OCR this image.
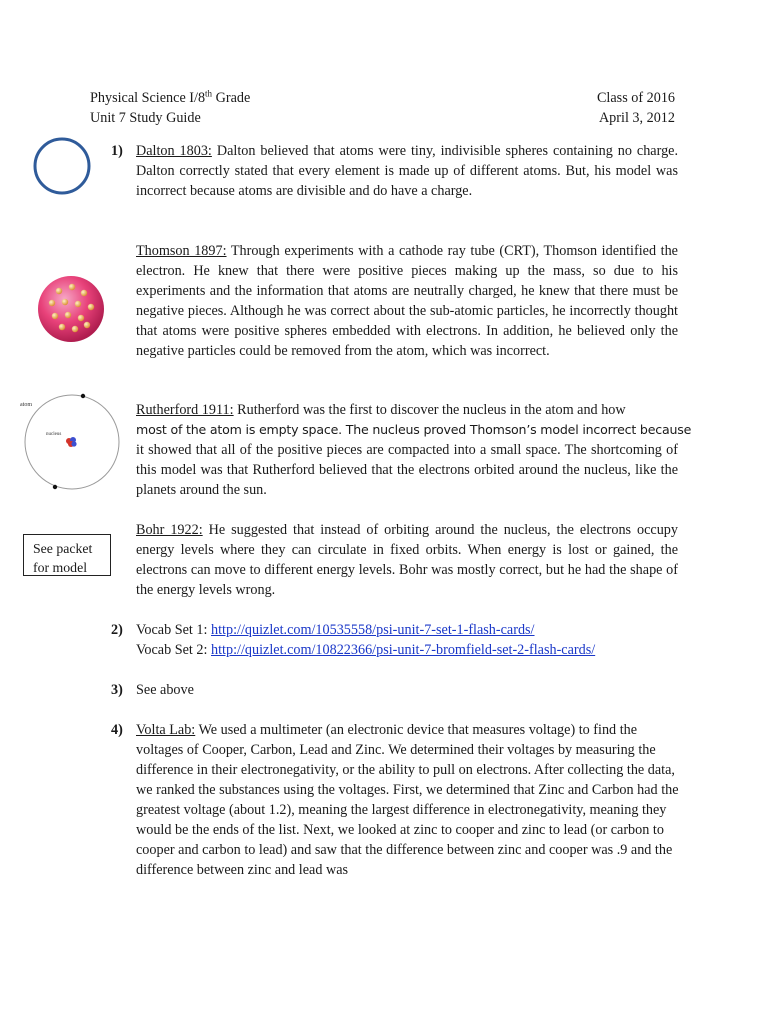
Physical Science I/8th Grade
Unit 7 Study Guide
Class of 2016
April 3, 2012
atom
nucleus
See packet
for model
1) Dalton 1803: Dalton believed that atoms were tiny, indivisible spheres containing no charge. Dalton correctly stated that every element is made up of different atoms. But, his model was incorrect because atoms are divisible and do have a charge.
Thomson 1897: Through experiments with a cathode ray tube (CRT), Thomson identified the electron. He knew that there were positive pieces making up the mass, so due to his experiments and the information that atoms are neutrally charged, he knew that there must be negative pieces. Although he was correct about the sub-atomic particles, he incorrectly thought that atoms were positive spheres embedded with electrons. In addition, he believed only the negative particles could be removed from the atom, which was incorrect.
Rutherford 1911: Rutherford was the first to discover the nucleus in the atom and how
most of the atom is empty space. The nucleus proved Thomson’s model incorrect because
it showed that all of the positive pieces are compacted into a small space. The shortcoming of this model was that Rutherford believed that the electrons orbited around the nucleus, like the planets around the sun.
Bohr 1922: He suggested that instead of orbiting around the nucleus, the electrons occupy energy levels where they can circulate in fixed orbits. When energy is lost or gained, the electrons can move to different energy levels. Bohr was mostly correct, but he had the shape of the energy levels wrong.
2) Vocab Set 1: http://quizlet.com/10535558/psi-unit-7-set-1-flash-cards/
Vocab Set 2: http://quizlet.com/10822366/psi-unit-7-bromfield-set-2-flash-cards/
3) See above
4) Volta Lab: We used a multimeter (an electronic device that measures voltage) to find the voltages of Cooper, Carbon, Lead and Zinc. We determined their voltages by measuring the difference in their electronegativity, or the ability to pull on electrons. After collecting the data, we ranked the substances using the voltages. First, we determined that Zinc and Carbon had the greatest voltage (about 1.2), meaning the largest difference in electronegativity, meaning they would be the ends of the list. Next, we looked at zinc to cooper and zinc to lead (or carbon to cooper and carbon to lead) and saw that the difference between zinc and cooper was .9 and the difference between zinc and lead was
